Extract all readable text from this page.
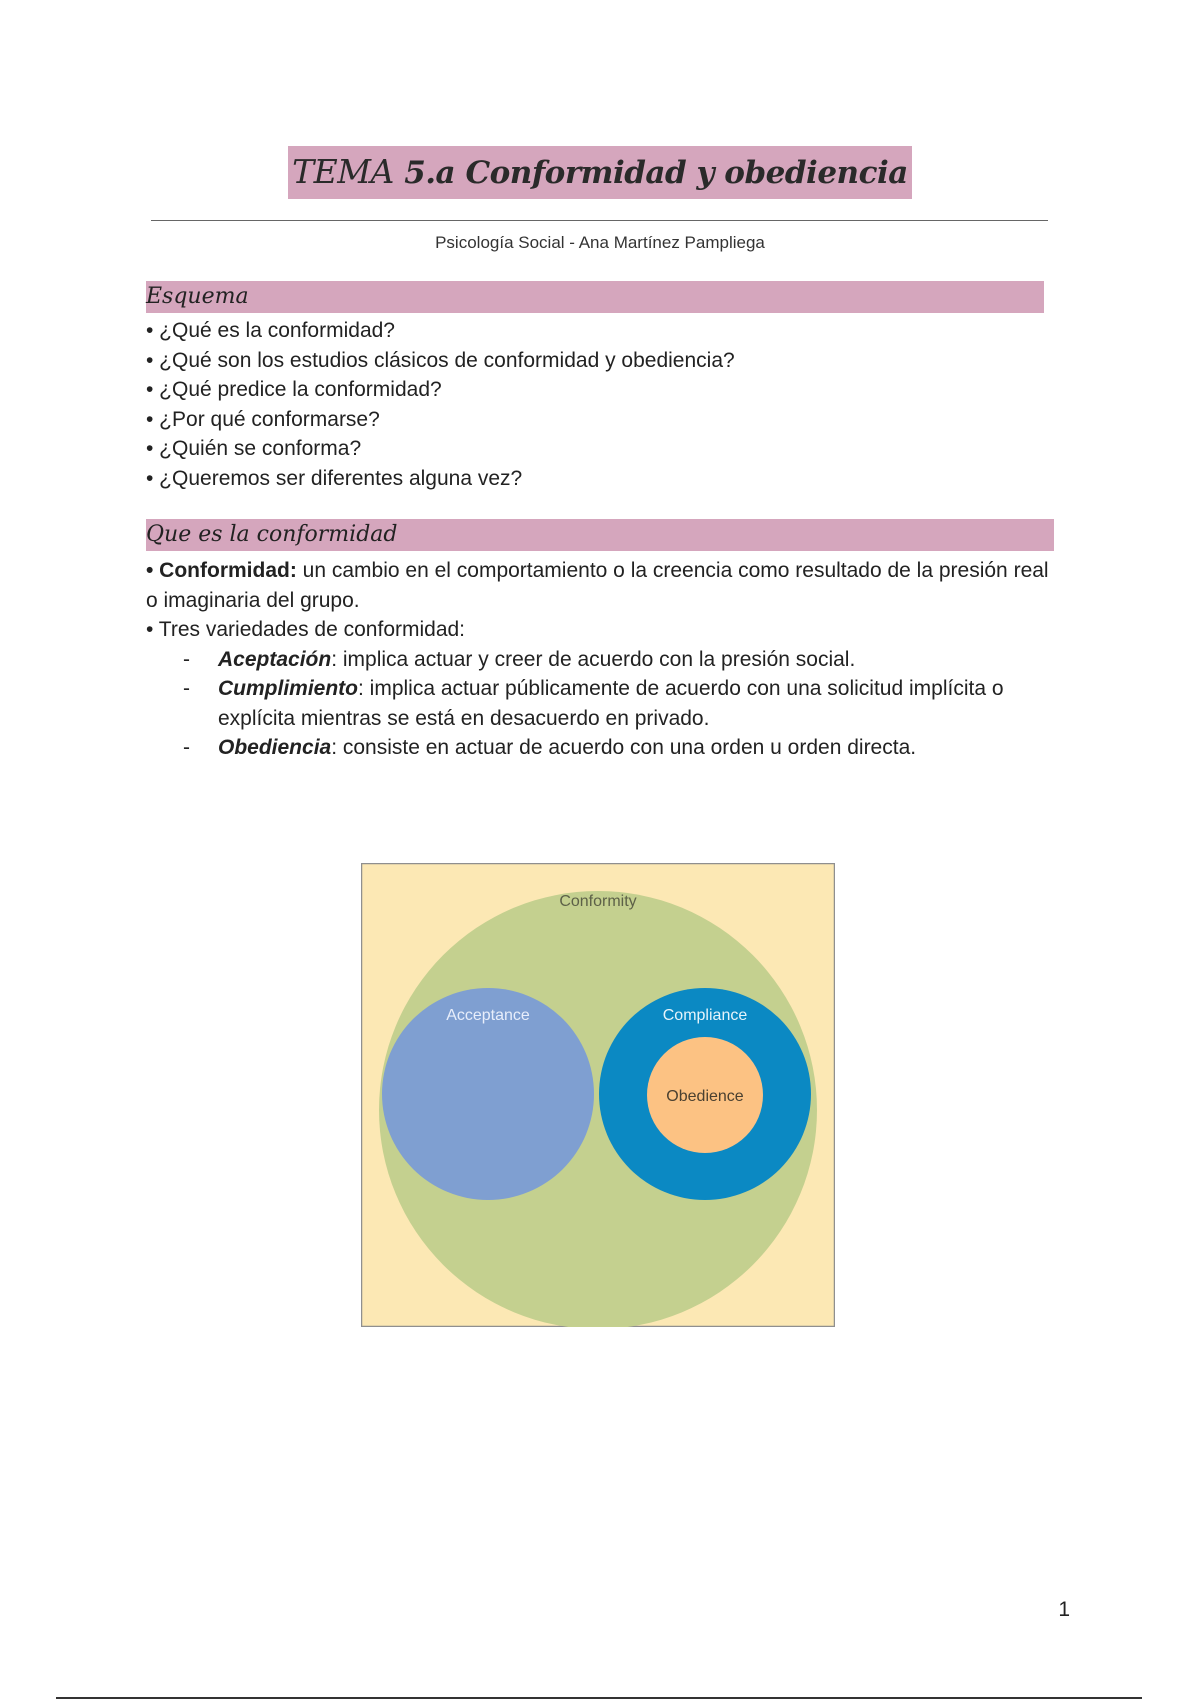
TEMA 5.a Conformidad y obediencia
Psicología Social - Ana Martínez Pampliega
Esquema
• ¿Qué es la conformidad?
• ¿Qué son los estudios clásicos de conformidad y obediencia?
• ¿Qué predice la conformidad?
• ¿Por qué conformarse?
• ¿Quién se conforma?
• ¿Queremos ser diferentes alguna vez?
Que es la conformidad

• Conformidad: un cambio en el comportamiento o la creencia como resultado de la presión real o imaginaria del grupo.

• Tres variedades de conformidad:

- Aceptación: implica actuar y creer de acuerdo con la presión social.
- Cumplimiento: implica actuar públicamente de acuerdo con una solicitud implícita o explícita mientras se está en desacuerdo en privado.
- Obediencia: consiste en actuar de acuerdo con una orden u orden directa.
Conformity
Acceptance	Compliance
Obedience
1
